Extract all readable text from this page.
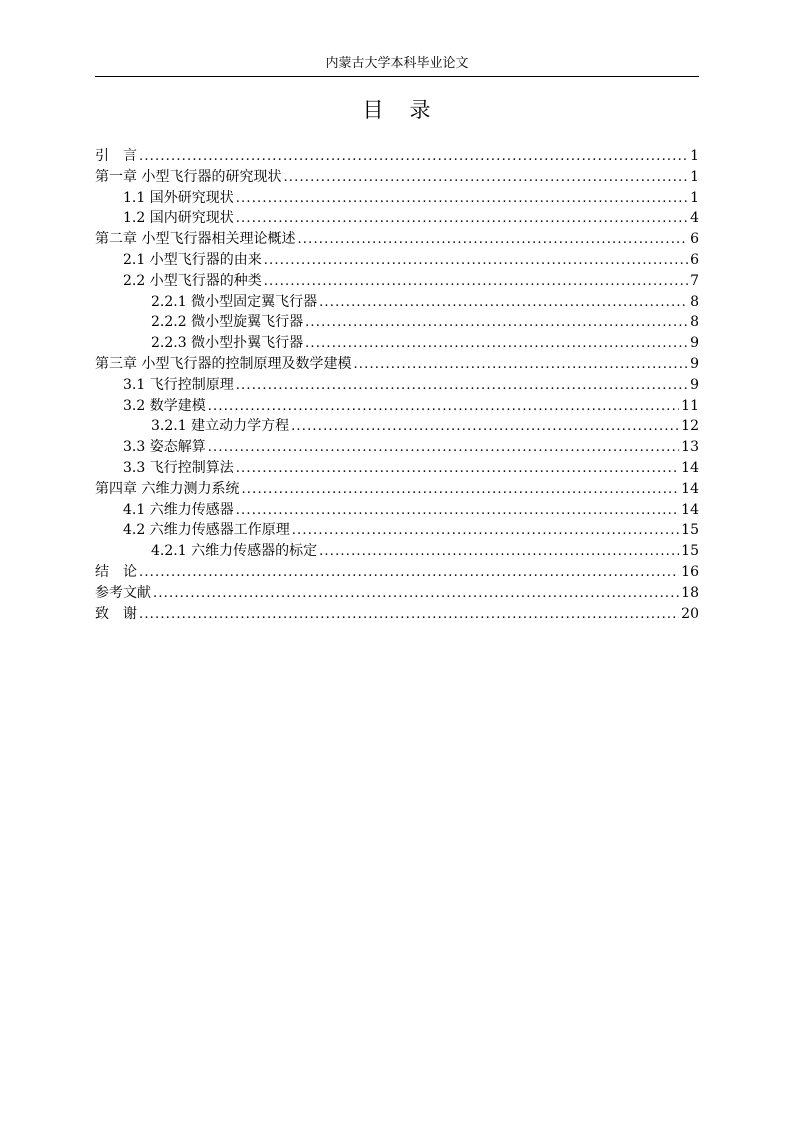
内蒙古大学本科毕业论文
目 录
引　言 .....	1
第一章 小型飞行器的研究现状 .....	1
1.1 国外研究现状 .....	1
1.2 国内研究现状 .....	4
第二章 小型飞行器相关理论概述 .....	6
2.1 小型飞行器的由来 .....	6
2.2 小型飞行器的种类 .....	7
2.2.1 微小型固定翼飞行器 .....	8
2.2.2 微小型旋翼飞行器 .....	8
2.2.3 微小型扑翼飞行器 .....	9
第三章 小型飞行器的控制原理及数学建模 .....	9
3.1 飞行控制原理 .....	9
3.2 数学建模 .....	11
3.2.1 建立动力学方程 .....	12
3.3 姿态解算 .....	13
3.3 飞行控制算法 .....	14
第四章 六维力测力系统 .....	14
4.1 六维力传感器 .....	14
4.2 六维力传感器工作原理 .....	15
4.2.1 六维力传感器的标定 .....	15
结　论 .....	16
参考文献 .....	18
致　谢 .....	20
